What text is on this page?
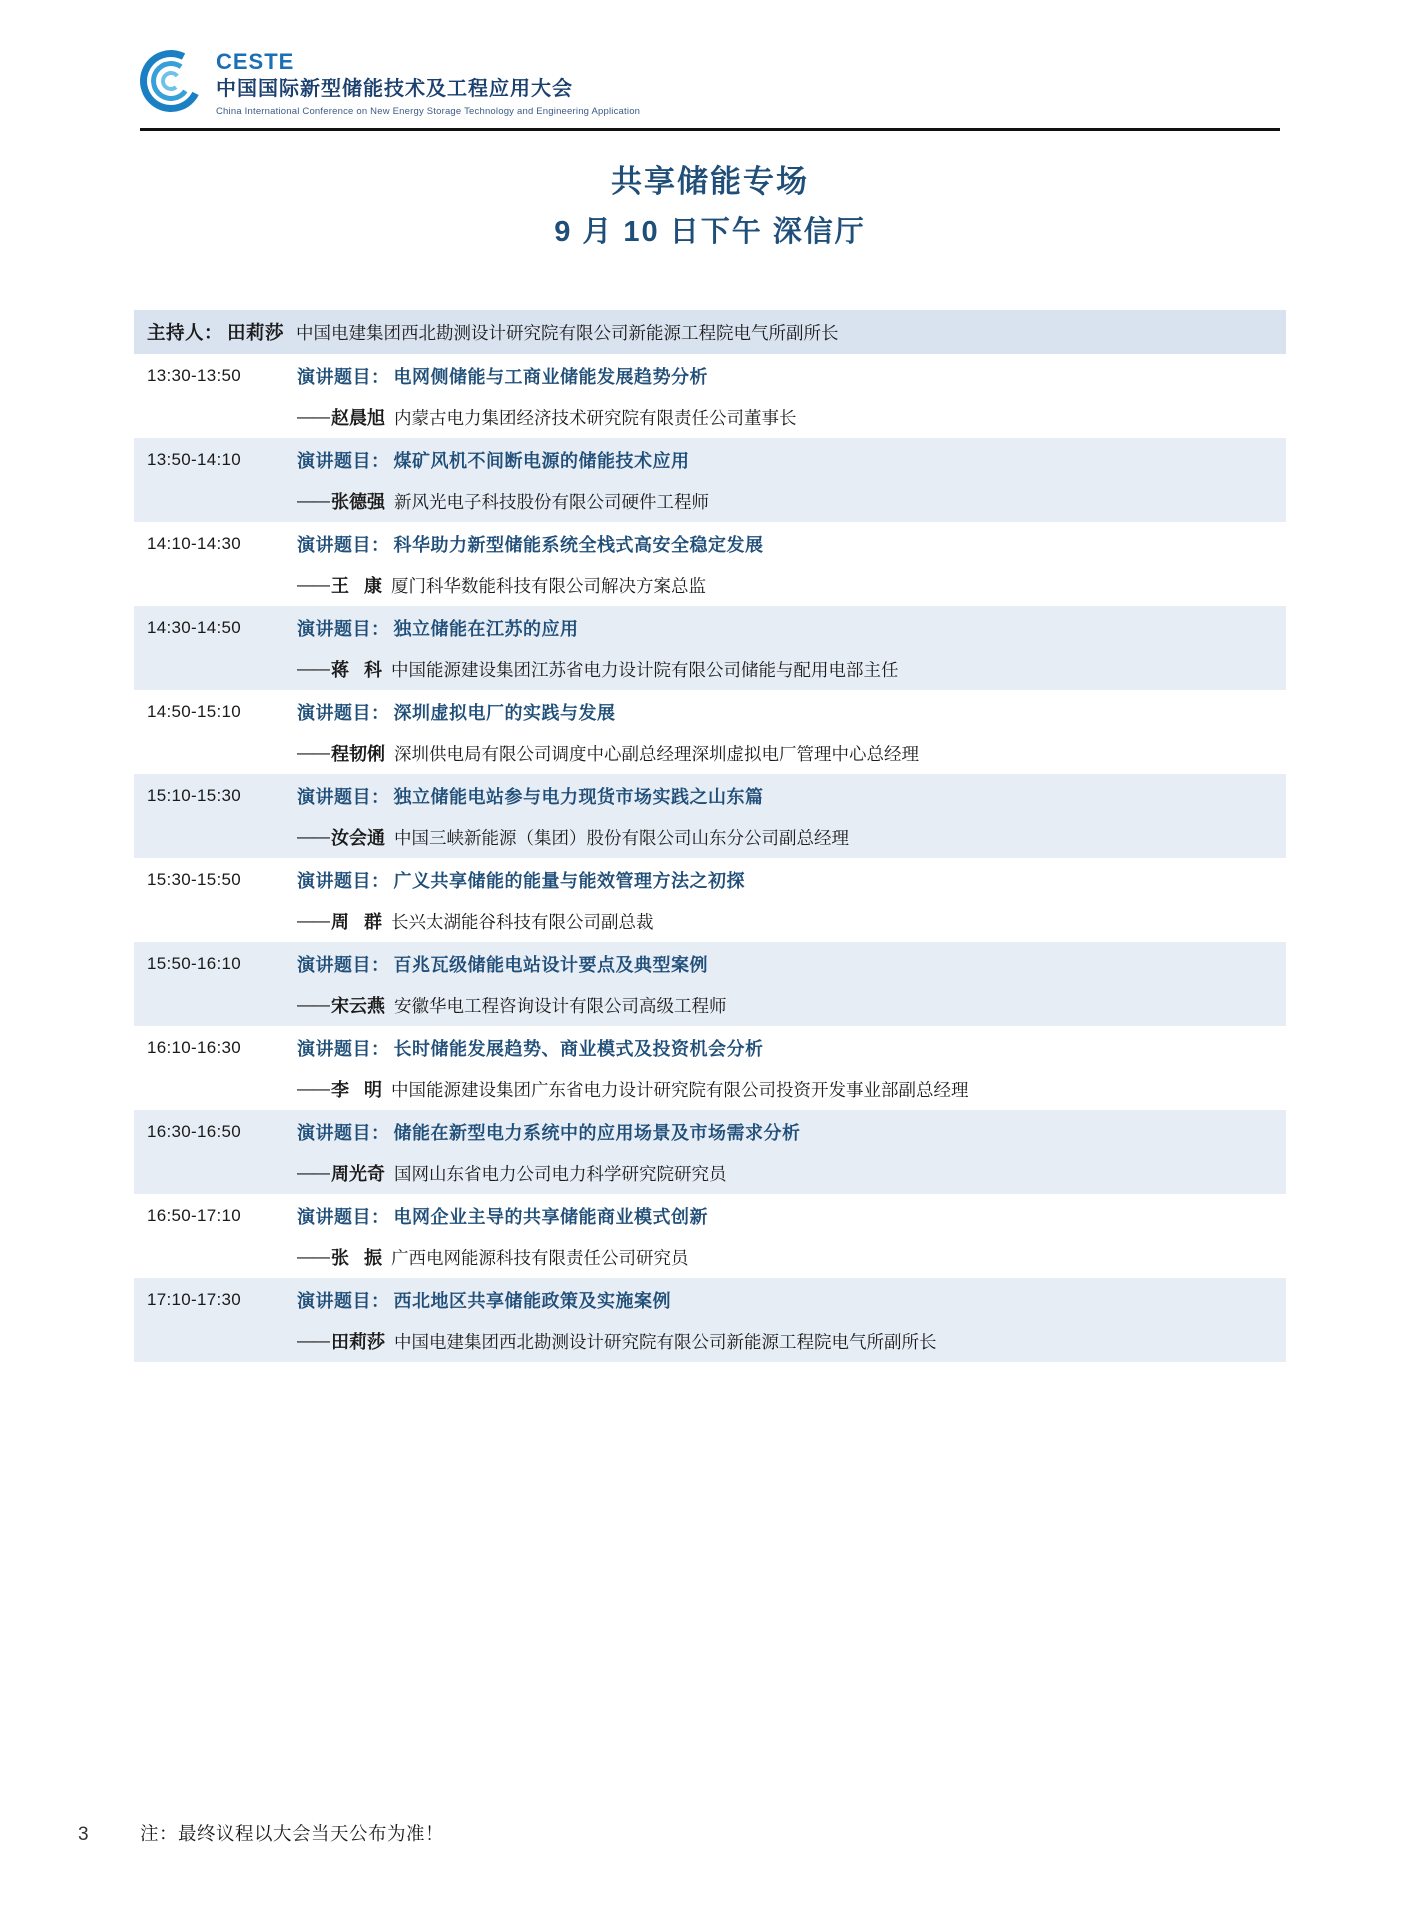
CESTE
中国国际新型储能技术及工程应用大会
China International Conference on New Energy Storage Technology and Engineering Application
共享储能专场
9 月 10 日下午 深信厅
主持人： 田莉莎 中国电建集团西北勘测设计研究院有限公司新能源工程院电气所副所长
13:30-13:50	演讲题目： 电网侧储能与工商业储能发展趋势分析
—— 赵晨旭 内蒙古电力集团经济技术研究院有限责任公司董事长
13:50-14:10	演讲题目： 煤矿风机不间断电源的储能技术应用
—— 张德强 新风光电子科技股份有限公司硬件工程师
14:10-14:30	演讲题目： 科华助力新型储能系统全栈式高安全稳定发展
—— 王   康 厦门科华数能科技有限公司解决方案总监
14:30-14:50	演讲题目： 独立储能在江苏的应用
—— 蒋   科 中国能源建设集团江苏省电力设计院有限公司储能与配用电部主任
14:50-15:10	演讲题目： 深圳虚拟电厂的实践与发展
—— 程韧俐 深圳供电局有限公司调度中心副总经理深圳虚拟电厂管理中心总经理
15:10-15:30	演讲题目： 独立储能电站参与电力现货市场实践之山东篇
—— 汝会通 中国三峡新能源（集团）股份有限公司山东分公司副总经理
15:30-15:50	演讲题目： 广义共享储能的能量与能效管理方法之初探
—— 周   群 长兴太湖能谷科技有限公司副总裁
15:50-16:10	演讲题目： 百兆瓦级储能电站设计要点及典型案例
—— 宋云燕 安徽华电工程咨询设计有限公司高级工程师
16:10-16:30	演讲题目： 长时储能发展趋势、商业模式及投资机会分析
—— 李   明 中国能源建设集团广东省电力设计研究院有限公司投资开发事业部副总经理
16:30-16:50	演讲题目： 储能在新型电力系统中的应用场景及市场需求分析
—— 周光奇 国网山东省电力公司电力科学研究院研究员
16:50-17:10	演讲题目： 电网企业主导的共享储能商业模式创新
—— 张   振 广西电网能源科技有限责任公司研究员
17:10-17:30	演讲题目： 西北地区共享储能政策及实施案例
—— 田莉莎 中国电建集团西北勘测设计研究院有限公司新能源工程院电气所副所长
3	注：最终议程以大会当天公布为准！
